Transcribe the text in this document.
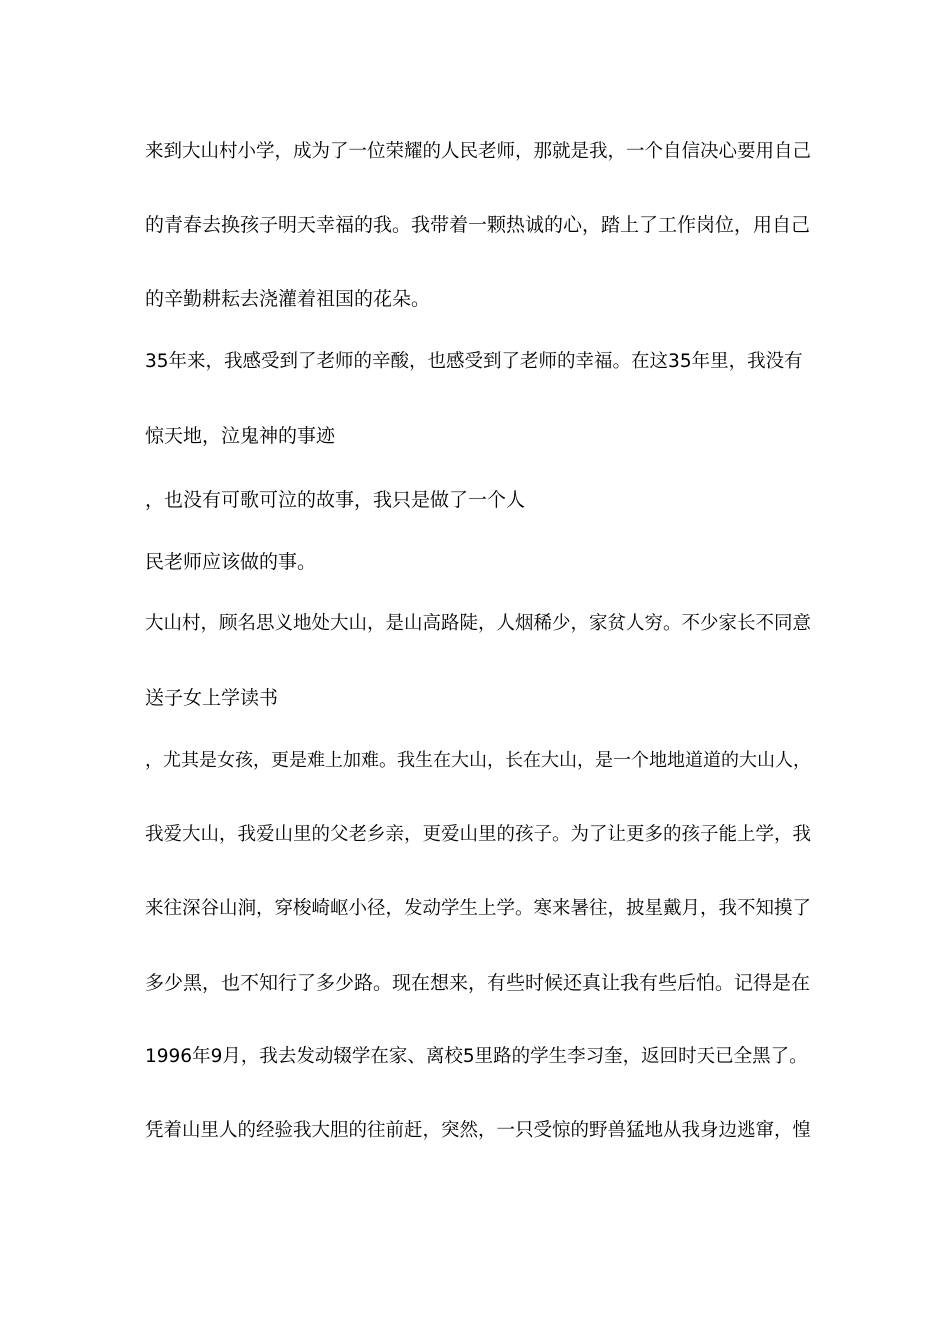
来到大山村小学，成为了一位荣耀的人民老师，那就是我，一个自信决心要用自己
的青春去换孩子明天幸福的我。我带着一颗热诚的心，踏上了工作岗位，用自己
的辛勤耕耘去浇灌着祖国的花朵。
35年来，我感受到了老师的辛酸，也感受到了老师的幸福。在这35年里，我没有
惊天地，泣鬼神的事迹
，也没有可歌可泣的故事，我只是做了一个人
民老师应该做的事。
大山村，顾名思义地处大山，是山高路陡，人烟稀少，家贫人穷。不少家长不同意
送子女上学读书
，尤其是女孩，更是难上加难。我生在大山，长在大山，是一个地地道道的大山人，
我爱大山，我爱山里的父老乡亲，更爱山里的孩子。为了让更多的孩子能上学，我
来往深谷山涧，穿梭崎岖小径，发动学生上学。寒来暑往，披星戴月，我不知摸了
多少黑，也不知行了多少路。现在想来，有些时候还真让我有些后怕。记得是在
1996年9月，我去发动辍学在家、离校5里路的学生李习奎，返回时天已全黑了。
凭着山里人的经验我大胆的往前赶，突然，一只受惊的野兽猛地从我身边逃窜，惶
